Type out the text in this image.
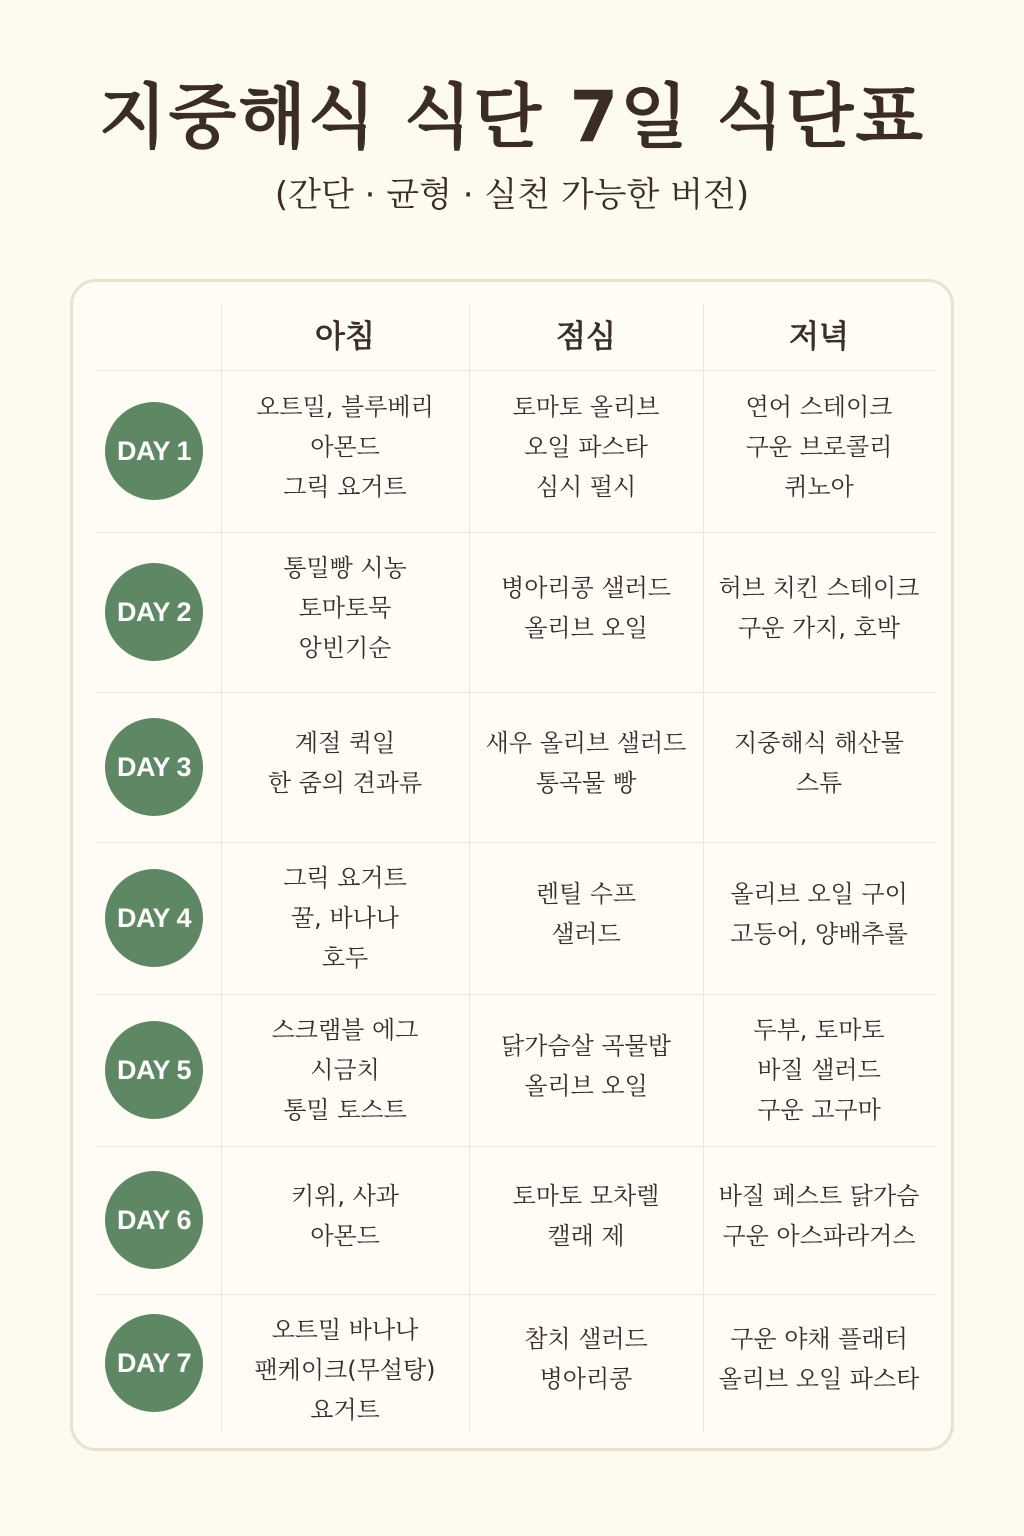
지중해식 식단 7일 식단표
(간단 · 균형 · 실천 가능한 버전)
아침	점심	저녁
DAY 1
오트밀, 블루베리
아몬드
그릭 요거트
토마토 올리브
오일 파스타
심시 펄시
연어 스테이크
구운 브로콜리
퀴노아
DAY 2
통밀빵 시농
토마토묵
앙빈기순
병아리콩 샐러드
올리브 오일
허브 치킨 스테이크
구운 가지, 호박
DAY 3
계절 퀵일
한 줌의 견과류
새우 올리브 샐러드
통곡물 빵
지중해식 해산물
스튜
DAY 4
그릭 요거트
꿀, 바나나
호두
렌틸 수프
샐러드
올리브 오일 구이
고등어, 양배추롤
DAY 5
스크램블 에그
시금치
통밀 토스트
닭가슴살 곡물밥
올리브 오일
두부, 토마토
바질 샐러드
구운 고구마
DAY 6
키위, 사과
아몬드
토마토 모차렐
캘래 제
바질 페스트 닭가슴
구운 아스파라거스
DAY 7
오트밀 바나나
팬케이크(무설탕)
요거트
참치 샐러드
병아리콩
구운 야채 플래터
올리브 오일 파스타
